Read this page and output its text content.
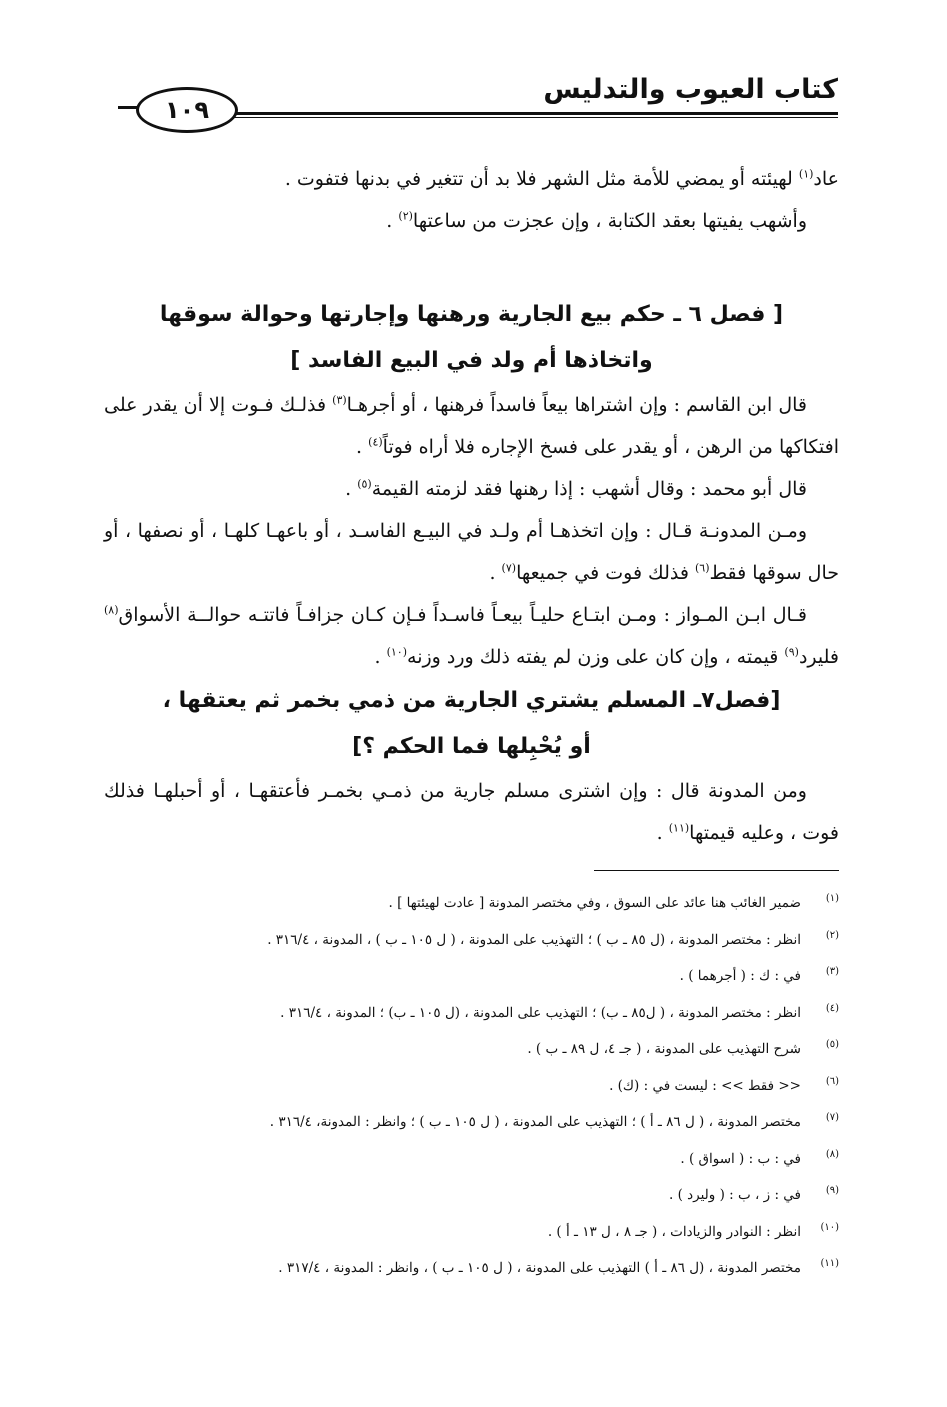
كتاب العيوب والتدليس
١٠٩

عاد$^{(١)}$ لهيئته أو يمضي للأمة مثل الشهر فلا بد أن تتغير في بدنها فتفوت .

وأشهب يفيتها بعقد الكتابة ، وإن عجزت من ساعتها$^{(٢)}$ .

[ فصل ٦ ـ حكم بيع الجارية ورهنها وإجارتها وحوالة سوقها
واتخاذها أم ولد في البيع الفاسد ]

قال ابن القاسم : وإن اشتراها بيعاً فاسداً فرهنها ، أو أجرهـا$^{(٣)}$ فذلـك فـوت إلا أن يقدر على افتكاكها من الرهن ، أو يقدر على فسخ الإجاره فلا أراه فوتاً$^{(٤)}$ .

قال أبو محمد : وقال أشهب : إذا رهنها فقد لزمته القيمة$^{(٥)}$ .

ومـن المدونـة قـال : وإن اتخذهـا أم ولـد في البيـع الفاسـد ، أو باعهـا كلهـا ، أو نصفها ، أو حال سوقها فقط$^{(٦)}$ فذلك فوت في جميعها$^{(٧)}$ .

قـال ابـن المـواز : ومـن ابتـاع حليـاً بيعـاً فاسـداً فـإن كـان جزافـاً فاتتـه حوالــة الأسواق$^{(٨)}$ فليرد$^{(٩)}$ قيمته ، وإن كان على وزن لم يفته ذلك ورد وزنه$^{(١٠)}$ .

[فصل٧ـ المسلم يشتري الجارية من ذمي بخمر ثم يعتقها ،
أو يُحْبِلها فما الحكم ؟]

ومن المدونة قال : وإن اشترى مسلم جارية من ذمـي بخمـر فأعتقهـا ، أو أحبلهـا فذلك فوت ، وعليه قيمتها$^{(١١)}$ .

(١)
ضمير الغائب هنا عائد على السوق ، وفي مختصر المدونة [ عادت لهيئتها ] .
(٢)
انظر : مختصر المدونة ، (ل ٨٥ ـ ب ) ؛ التهذيب على المدونة ، ( ل ١٠٥ ـ ب ) ، المدونة ، ٣١٦/٤ .
(٣)
في : ك : ( أجرهما ) .
(٤)
انظر : مختصر المدونة ، ( ل٨٥ ـ ب) ؛ التهذيب على المدونة ، (ل ١٠٥ ـ ب) ؛ المدونة ، ٣١٦/٤ .
(٥)
شرح التهذيب على المدونة ، ( جـ ٤، ل ٨٩ ـ ب ) .
(٦)
<< فقط >> : ليست في : (ك) .
(٧)
مختصر المدونة ، ( ل ٨٦ ـ أ ) ؛ التهذيب على المدونة ، ( ل ١٠٥ ـ ب ) ؛ وانظر : المدونة، ٣١٦/٤ .
(٨)
في : ب : ( اسواق ) .
(٩)
في : ز ، ب : ( وليرد ) .
(١٠)
انظر : النوادر والزيادات ، ( جـ ٨ ، ل ١٣ ـ أ ) .
(١١)
مختصر المدونة ، (ل ٨٦ ـ أ ) التهذيب على المدونة ، ( ل ١٠٥ ـ ب ) ، وانظر : المدونة ، ٣١٧/٤ .
